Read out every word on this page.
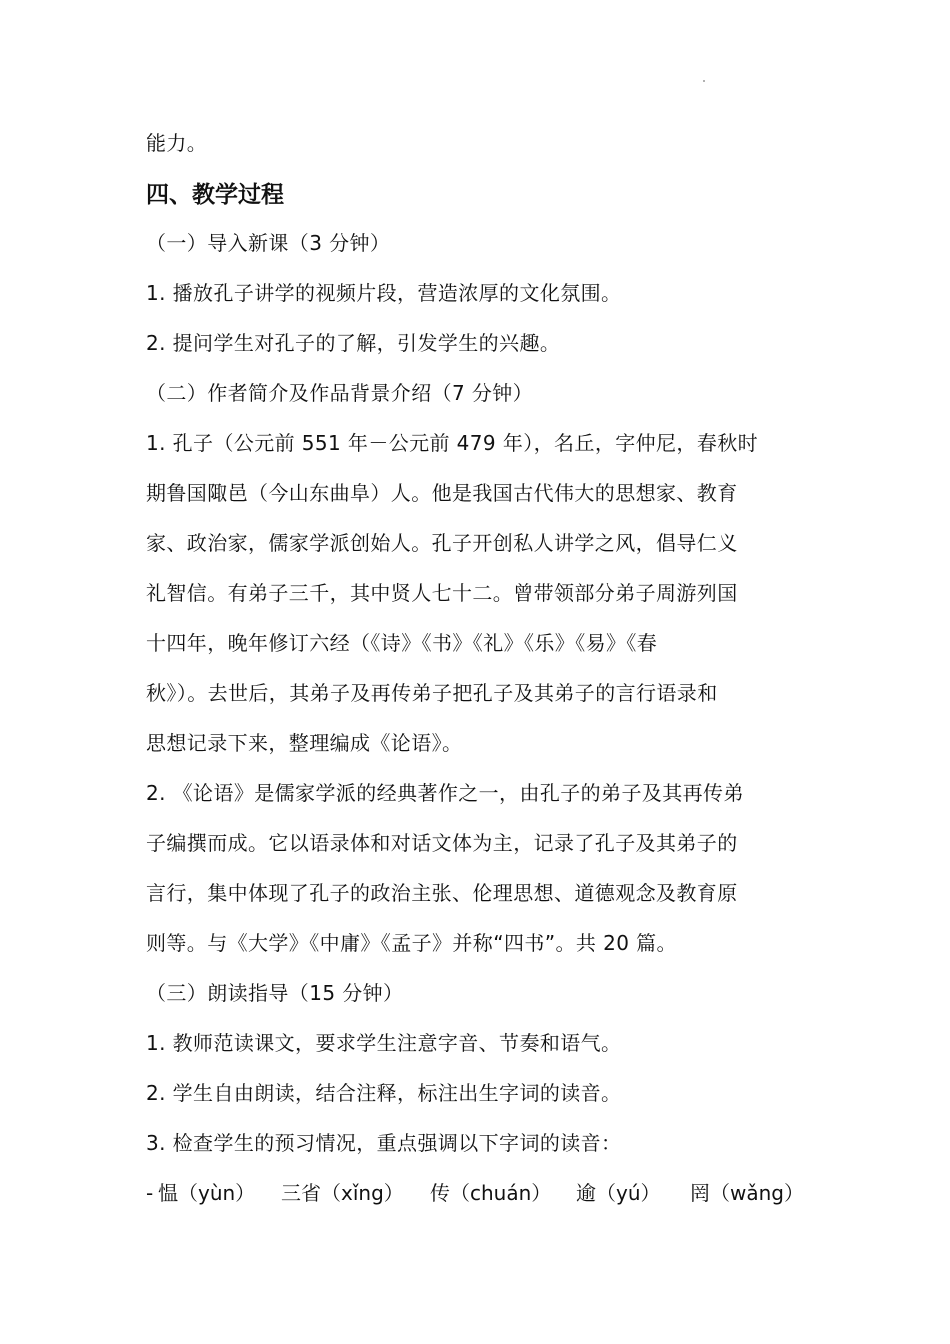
能力。
四、教学过程
（一）导入新课（3 分钟）
1. 播放孔子讲学的视频片段，营造浓厚的文化氛围。
2. 提问学生对孔子的了解，引发学生的兴趣。
（二）作者简介及作品背景介绍（7 分钟）
1. 孔子（公元前 551 年－公元前 479 年），名丘，字仲尼，春秋时
期鲁国陬邑（今山东曲阜）人。他是我国古代伟大的思想家、教育
家、政治家，儒家学派创始人。孔子开创私人讲学之风，倡导仁义
礼智信。有弟子三千，其中贤人七十二。曾带领部分弟子周游列国
十四年，晚年修订六经（《诗》《书》《礼》《乐》《易》《春
秋》）。去世后，其弟子及再传弟子把孔子及其弟子的言行语录和
思想记录下来，整理编成《论语》。
2. 《论语》是儒家学派的经典著作之一，由孔子的弟子及其再传弟
子编撰而成。它以语录体和对话文体为主，记录了孔子及其弟子的
言行，集中体现了孔子的政治主张、伦理思想、道德观念及教育原
则等。与《大学》《中庸》《孟子》并称“四书”。共 20 篇。
（三）朗读指导（15 分钟）
1. 教师范读课文，要求学生注意字音、节奏和语气。
2. 学生自由朗读，结合注释，标注出生字词的读音。
3. 检查学生的预习情况，重点强调以下字词的读音：
- 愠（yùn）	三省（xǐng）	传（chuán）	逾（yú）	罔（wǎng）
